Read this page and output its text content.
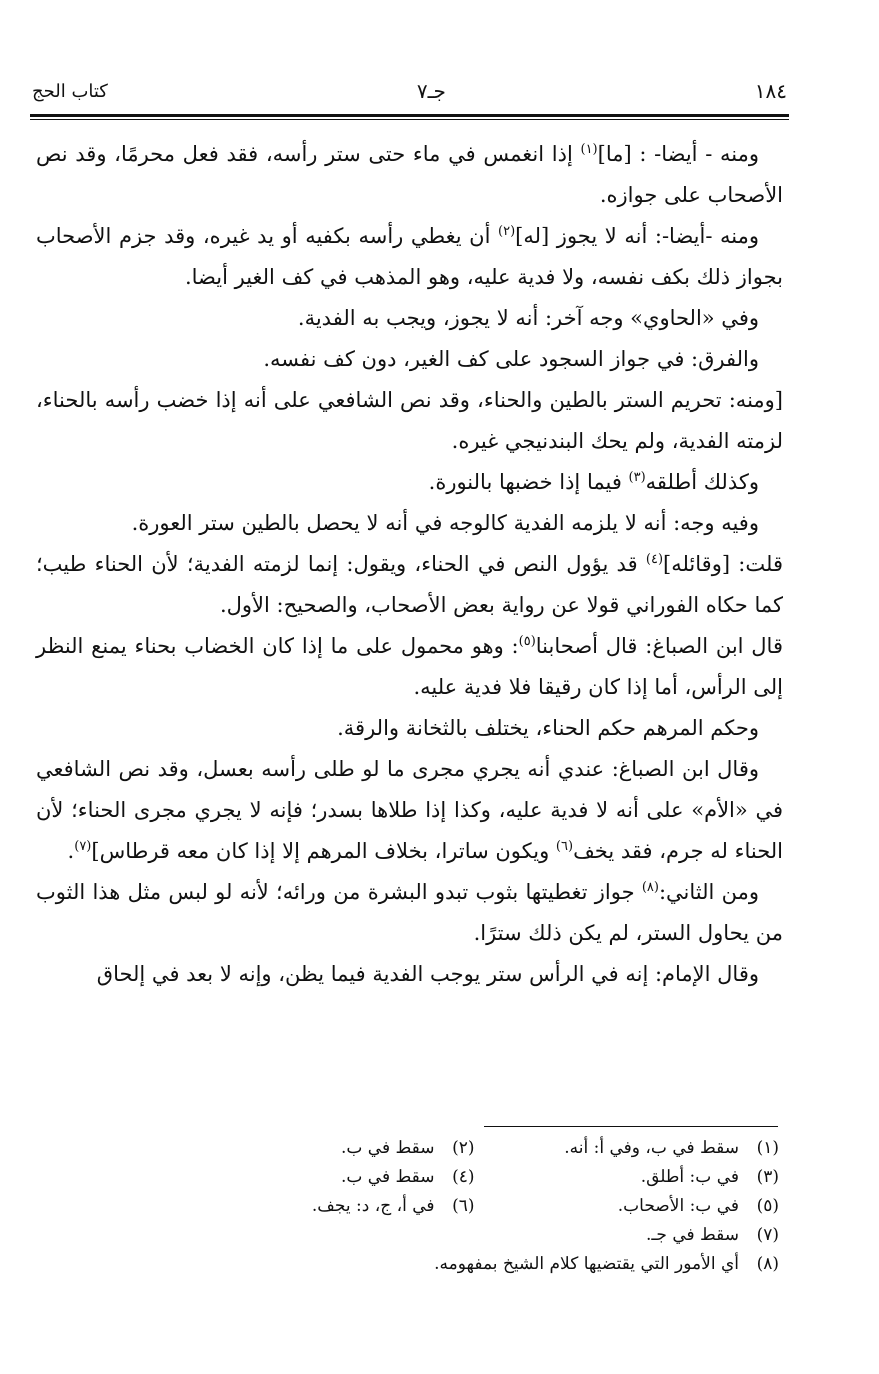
كتاب الحج	جـ٧	١٨٤

ومنه - أيضا- : [ما]$^{(١)}$ إذا انغمس في ماء حتى ستر رأسه، فقد فعل محرمًا، وقد نص الأصحاب على جوازه.

ومنه -أيضا-: أنه لا يجوز [له]$^{(٢)}$ أن يغطي رأسه بكفيه أو يد غيره، وقد جزم الأصحاب بجواز ذلك بكف نفسه، ولا فدية عليه، وهو المذهب في كف الغير أيضا.

وفي «الحاوي» وجه آخر: أنه لا يجوز، ويجب به الفدية.

والفرق: في جواز السجود على كف الغير، دون كف نفسه.

[ومنه: تحريم الستر بالطين والحناء، وقد نص الشافعي على أنه إذا خضب رأسه بالحناء، لزمته الفدية، ولم يحك البندنيجي غيره.

وكذلك أطلقه$^{(٣)}$ فيما إذا خضبها بالنورة.

وفيه وجه: أنه لا يلزمه الفدية كالوجه في أنه لا يحصل بالطين ستر العورة.

قلت: [وقائله]$^{(٤)}$ قد يؤول النص في الحناء، ويقول: إنما لزمته الفدية؛ لأن الحناء طيب؛ كما حكاه الفوراني قولا عن رواية بعض الأصحاب، والصحيح: الأول.

قال ابن الصباغ: قال أصحابنا$^{(٥)}$: وهو محمول على ما إذا كان الخضاب بحناء يمنع النظر إلى الرأس، أما إذا كان رقيقا فلا فدية عليه.

وحكم المرهم حكم الحناء، يختلف بالثخانة والرقة.

وقال ابن الصباغ: عندي أنه يجري مجرى ما لو طلى رأسه بعسل، وقد نص الشافعي في «الأم» على أنه لا فدية عليه، وكذا إذا طلاها بسدر؛ فإنه لا يجري مجرى الحناء؛ لأن الحناء له جرم، فقد يخف$^{(٦)}$ ويكون ساترا، بخلاف المرهم إلا إذا كان معه قرطاس]$^{(٧)}$.

ومن الثاني:$^{(٨)}$ جواز تغطيتها بثوب تبدو البشرة من ورائه؛ لأنه لو لبس مثل هذا الثوب من يحاول الستر، لم يكن ذلك سترًا.

وقال الإمام: إنه في الرأس ستر يوجب الفدية فيما يظن، وإنه لا بعد في إلحاق

(١)سقط في ب، وفي أ: أنه.
(٢)سقط في ب.
(٣)في ب: أطلق.
(٤)سقط في ب.
(٥)في ب: الأصحاب.
(٦)في أ، ج، د: يجف.
(٧)سقط في جـ.
(٨)أي الأمور التي يقتضيها كلام الشيخ بمفهومه.
